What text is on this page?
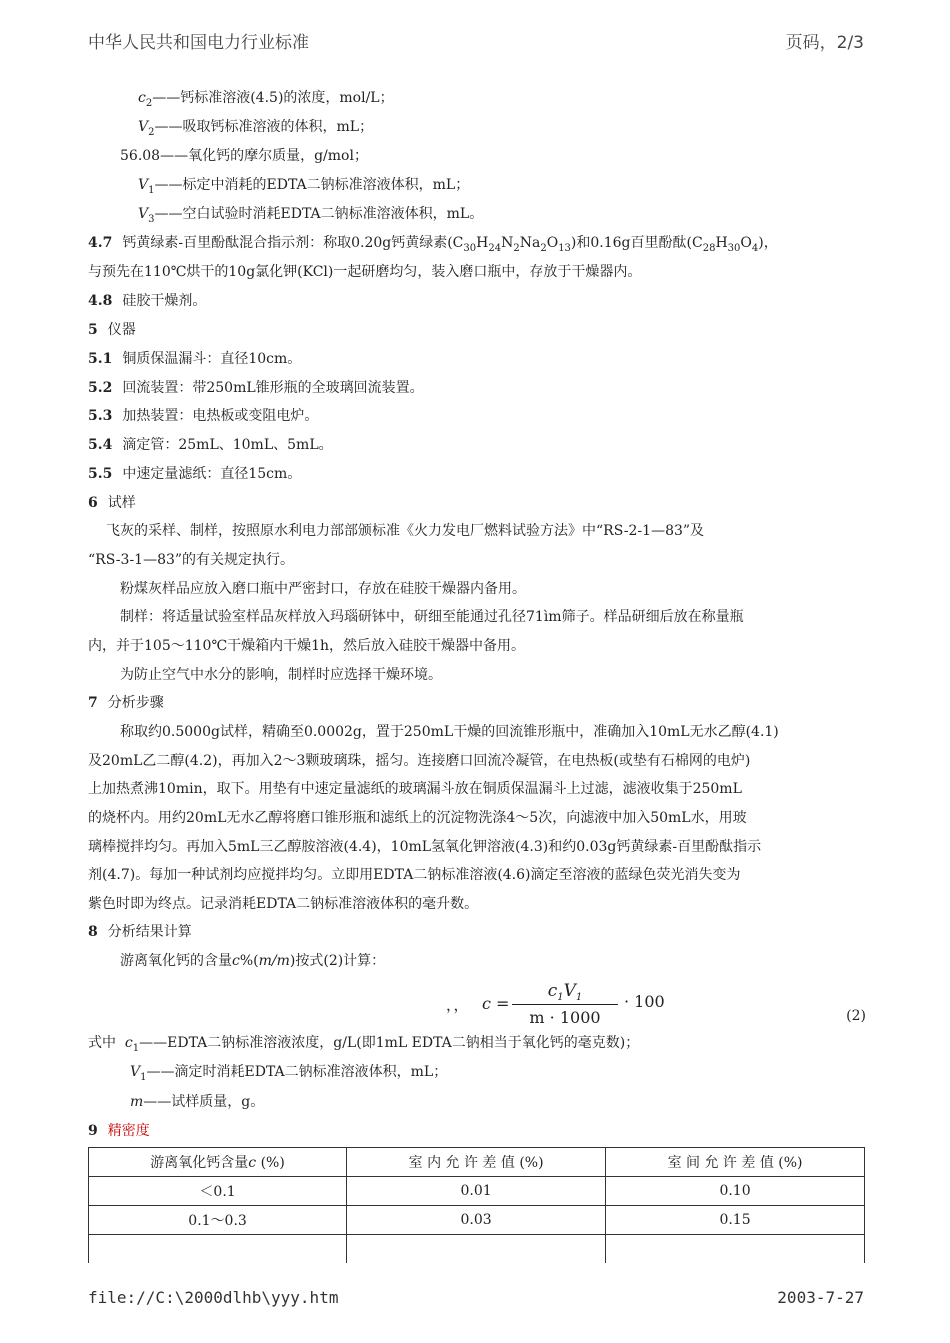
中华人民共和国电力行业标准	页码，2/3
$c_2——$钙标准溶液(4.5)的浓度，mol/L；
$V_2——$吸取钙标准溶液的体积，mL；
56.08——氧化钙的摩尔质量，g/mol；
$V_1——$标定中消耗的EDTA二钠标准溶液体积，mL；
$V_3——$空白试验时消耗EDTA二钠标准溶液体积，mL。
4.7 钙黄绿素-百里酚酞混合指示剂：称取0.20g钙黄绿素$(C_{30}H_{24}N_2Na_2O_{13})$和0.16g百里酚酞$(C_{28}H_{30}O_4)$，
与预先在110℃烘干的10g氯化钾(KCl)一起研磨均匀，装入磨口瓶中，存放于干燥器内。
4.8 硅胶干燥剂。
5 仪器
5.1 铜质保温漏斗：直径10cm。
5.2 回流装置：带250mL锥形瓶的全玻璃回流装置。
5.3 加热装置：电热板或变阻电炉。
5.4 滴定管：25mL、10mL、5mL。
5.5 中速定量滤纸：直径15cm。
6 试样
飞灰的采样、制样，按照原水利电力部部颁标准《火力发电厂燃料试验方法》中“RS-2-1—83”及
“RS-3-1—83”的有关规定执行。
粉煤灰样品应放入磨口瓶中严密封口，存放在硅胶干燥器内备用。
制样：将适量试验室样品灰样放入玛瑙研钵中，研细至能通过孔径71ìm筛子。样品研细后放在称量瓶
内，并于105～110℃干燥箱内干燥1h，然后放入硅胶干燥器中备用。
为防止空气中水分的影响，制样时应选择干燥环境。
7 分析步骤
称取约0.5000g试样，精确至0.0002g，置于250mL干燥的回流锥形瓶中，准确加入10mL无水乙醇(4.1)
及20mL乙二醇(4.2)，再加入2～3颗玻璃珠，摇匀。连接磨口回流冷凝管，在电热板(或垫有石棉网的电炉)
上加热煮沸10min，取下。用垫有中速定量滤纸的玻璃漏斗放在铜质保温漏斗上过滤，滤液收集于250mL
的烧杯内。用约20mL无水乙醇将磨口锥形瓶和滤纸上的沉淀物洗涤4～5次，向滤液中加入50mL水，用玻
璃棒搅拌均匀。再加入5mL三乙醇胺溶液(4.4)，10mL氢氧化钾溶液(4.3)和约0.03g钙黄绿素-百里酚酞指示
剂(4.7)。每加一种试剂均应搅拌均匀。立即用EDTA二钠标准溶液(4.6)滴定至溶液的蓝绿色荧光消失变为
紫色时即为终点。记录消耗EDTA二钠标准溶液体积的毫升数。
8 分析结果计算
游离氧化钙的含量c%(m/m)按式(2)计算：
，， c =
$c_1V_1$
m · 1000
· 100
(2)
式中 $c_1——EDTA$二钠标准溶液浓度，g/L(即1mL EDTA二钠相当于氧化钙的毫克数)；
$V_1——$滴定时消耗EDTA二钠标准溶液体积，mL；
m——试样质量，g。
9 精密度
游离氧化钙含量c (%)	室 内 允 许 差 值 (%)	室 间 允 许 差 值 (%)
＜0.1	0.01	0.10
0.1～0.3	0.03	0.15

file://C:\2000dlhb\yyy.htm	2003-7-27
